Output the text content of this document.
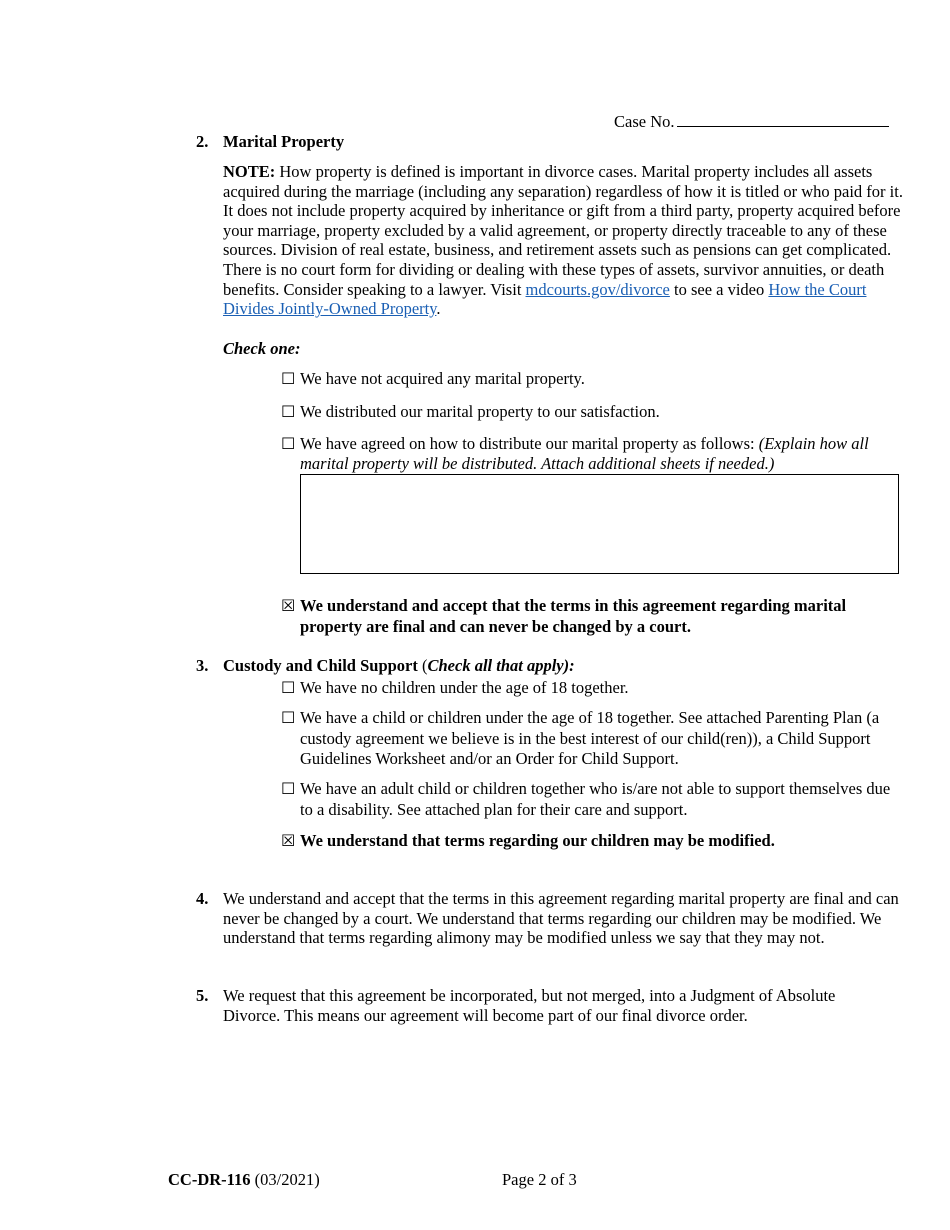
Case No.
2. Marital Property
NOTE: How property is defined is important in divorce cases. Marital property includes all assets acquired during the marriage (including any separation) regardless of how it is titled or who paid for it. It does not include property acquired by inheritance or gift from a third party, property acquired before your marriage, property excluded by a valid agreement, or property directly traceable to any of these sources. Division of real estate, business, and retirement assets such as pensions can get complicated. There is no court form for dividing or dealing with these types of assets, survivor annuities, or death benefits. Consider speaking to a lawyer. Visit mdcourts.gov/divorce to see a video How the Court Divides Jointly-Owned Property.
Check one:
☐ We have not acquired any marital property.
☐ We distributed our marital property to our satisfaction.
☐ We have agreed on how to distribute our marital property as follows: (Explain how all marital property will be distributed. Attach additional sheets if needed.)
☒ We understand and accept that the terms in this agreement regarding marital property are final and can never be changed by a court.
3. Custody and Child Support (Check all that apply):
☐ We have no children under the age of 18 together.
☐ We have a child or children under the age of 18 together. See attached Parenting Plan (a custody agreement we believe is in the best interest of our child(ren)), a Child Support Guidelines Worksheet and/or an Order for Child Support.
☐ We have an adult child or children together who is/are not able to support themselves due to a disability. See attached plan for their care and support.
☒ We understand that terms regarding our children may be modified.
4. We understand and accept that the terms in this agreement regarding marital property are final and can never be changed by a court. We understand that terms regarding our children may be modified. We understand that terms regarding alimony may be modified unless we say that they may not.
5. We request that this agreement be incorporated, but not merged, into a Judgment of Absolute Divorce. This means our agreement will become part of our final divorce order.
CC-DR-116 (03/2021)	Page 2 of 3
